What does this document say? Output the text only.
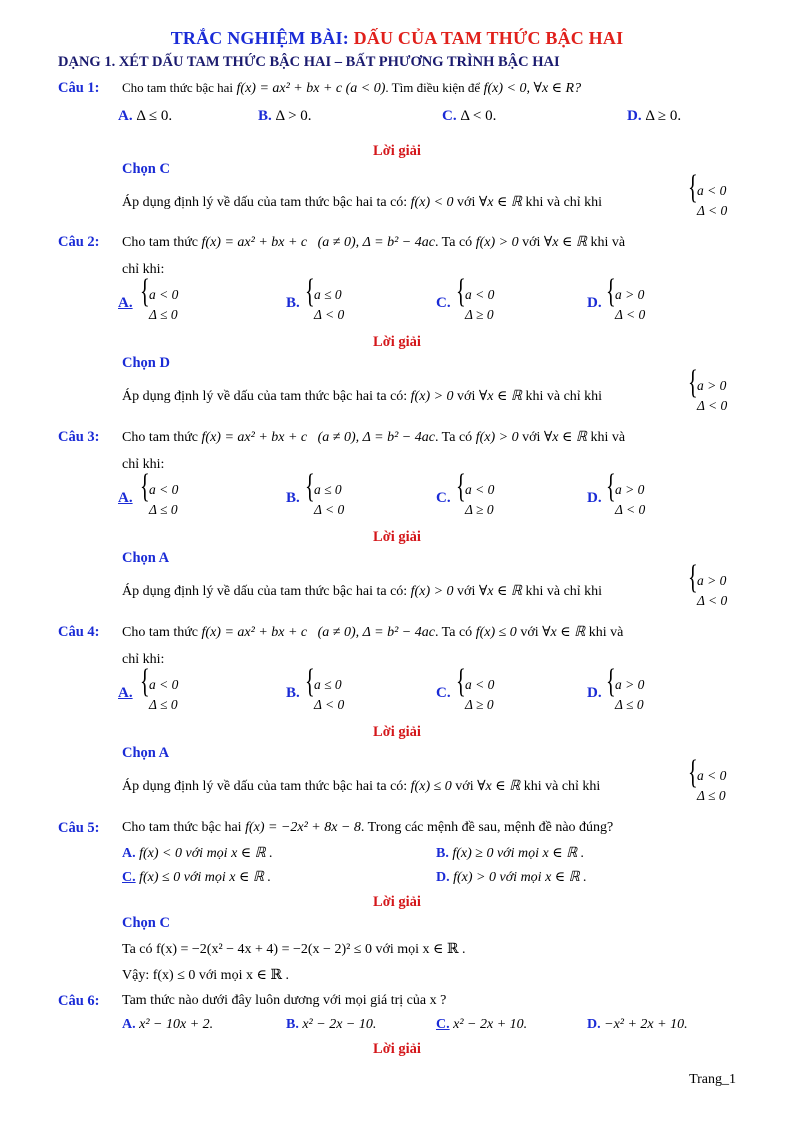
TRẮC NGHIỆM BÀI: DẤU CỦA TAM THỨC BẬC HAI
DẠNG 1. XÉT DẤU TAM THỨC BẬC HAI – BẤT PHƯƠNG TRÌNH BẬC HAI
Câu 1: Cho tam thức bậc hai f(x) = ax² + bx + c (a < 0). Tìm điều kiện để f(x) < 0, ∀x ∈ R?
A. Δ ≤ 0.	B. Δ > 0.	C. Δ < 0.	D. Δ ≥ 0.
Lời giải
Chọn C
Áp dụng định lý về dấu của tam thức bậc hai ta có: f(x) < 0 với ∀x ∈ ℝ khi và chỉ khi	{ a < 0
Δ < 0
Câu 2: Cho tam thức f(x) = ax² + bx + c (a ≠ 0), Δ = b² − 4ac. Ta có f(x) > 0 với ∀x ∈ ℝ khi và
chỉ khi:
A. { a < 0
Δ ≤ 0
B. { a ≤ 0
Δ < 0
C. { a < 0
Δ ≥ 0
D. { a > 0
Δ < 0
Lời giải
Chọn D
Áp dụng định lý về dấu của tam thức bậc hai ta có: f(x) > 0 với ∀x ∈ ℝ khi và chỉ khi	{ a > 0
Δ < 0
Câu 3: Cho tam thức f(x) = ax² + bx + c (a ≠ 0), Δ = b² − 4ac. Ta có f(x) > 0 với ∀x ∈ ℝ khi và
chỉ khi:
A. { a < 0
Δ ≤ 0
B. { a ≤ 0
Δ < 0
C. { a < 0
Δ ≥ 0
D. { a > 0
Δ < 0
Lời giải
Chọn A
Áp dụng định lý về dấu của tam thức bậc hai ta có: f(x) > 0 với ∀x ∈ ℝ khi và chỉ khi	{ a > 0
Δ < 0
Câu 4: Cho tam thức f(x) = ax² + bx + c (a ≠ 0), Δ = b² − 4ac. Ta có f(x) ≤ 0 với ∀x ∈ ℝ khi và
chỉ khi:
A. { a < 0
Δ ≤ 0
B. { a ≤ 0
Δ < 0
C. { a < 0
Δ ≥ 0
D. { a > 0
Δ ≤ 0
Lời giải
Chọn A
Áp dụng định lý về dấu của tam thức bậc hai ta có: f(x) ≤ 0 với ∀x ∈ ℝ khi và chỉ khi	{ a < 0
Δ ≤ 0
Câu 5: Cho tam thức bậc hai f(x) = −2x² + 8x − 8. Trong các mệnh đề sau, mệnh đề nào đúng?
A. f(x) < 0 với mọi x ∈ ℝ .	B. f(x) ≥ 0 với mọi x ∈ ℝ .
C. f(x) ≤ 0 với mọi x ∈ ℝ .	D. f(x) > 0 với mọi x ∈ ℝ .
Lời giải
Chọn C
Ta có f(x) = −2(x² − 4x + 4) = −2(x − 2)² ≤ 0 với mọi x ∈ ℝ .
Vậy: f(x) ≤ 0 với mọi x ∈ ℝ .
Câu 6: Tam thức nào dưới đây luôn dương với mọi giá trị của x ?
A. x² − 10x + 2.	B. x² − 2x − 10.	C. x² − 2x + 10.	D. −x² + 2x + 10.
Lời giải
Trang_1
